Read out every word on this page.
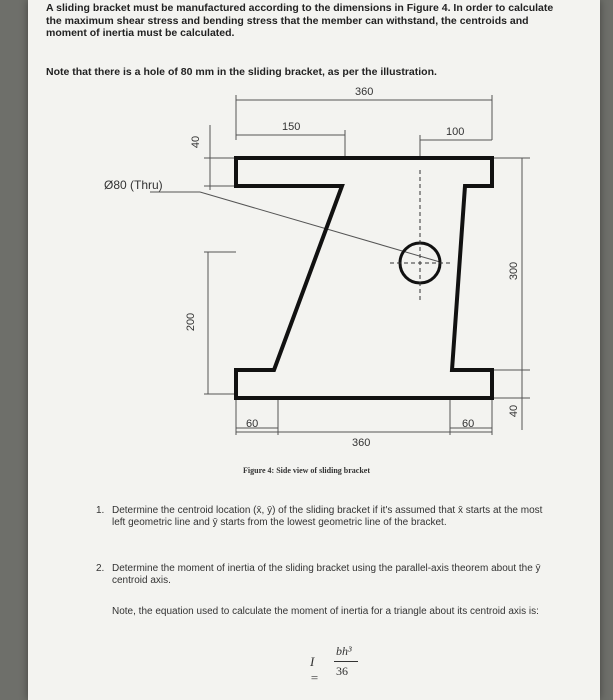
A sliding bracket must be manufactured according to the dimensions in Figure 4. In order to calculate the maximum shear stress and bending stress that the member can withstand, the centroids and moment of inertia must be calculated.
Note that there is a hole of 80 mm in the sliding bracket, as per the illustration.
360
150	100
40
200
300
40
60	60
360
Ø80 (Thru)
Figure 4: Side view of sliding bracket
1. Determine the centroid location (x̄, ȳ) of the sliding bracket if it's assumed that x̄ starts at the most left geometric line and ȳ starts from the lowest geometric line of the bracket.
2. Determine the moment of inertia of the sliding bracket using the parallel-axis theorem about the ȳ centroid axis.
Note, the equation used to calculate the moment of inertia for a triangle about its centroid axis is:
I =
bh³
36
